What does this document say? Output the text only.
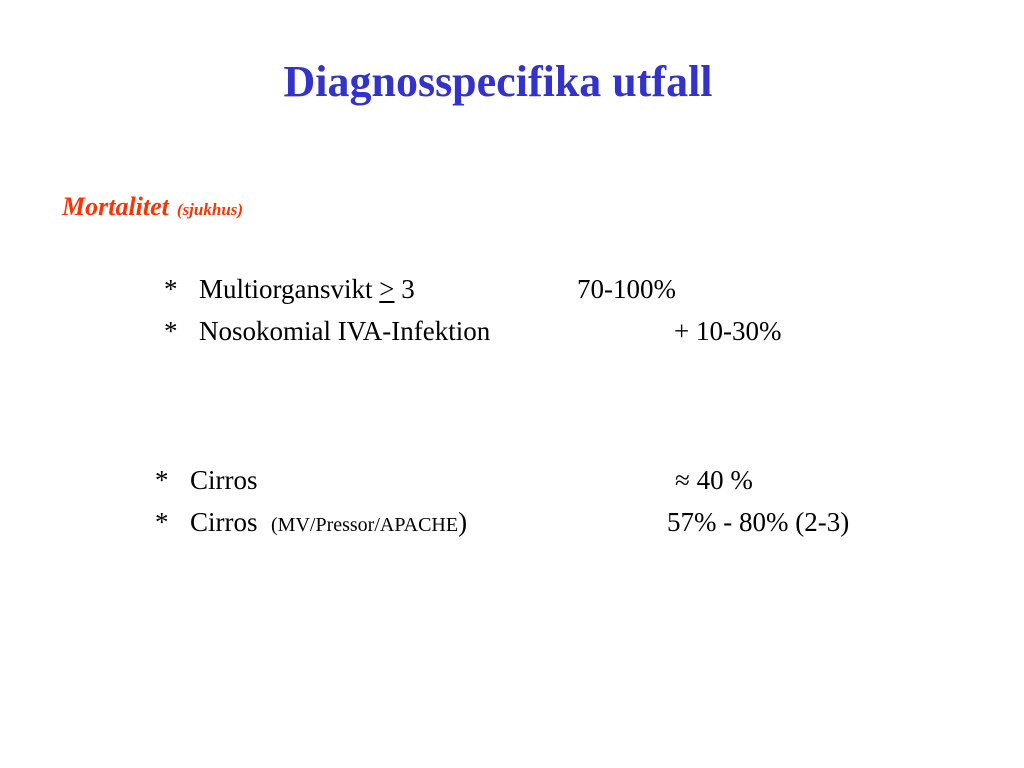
Diagnosspecifika utfall
Mortalitet (sjukhus)
* Multiorgansvikt > 3	70-100%
* Nosokomial IVA-Infektion	+ 10-30%
* Cirros	≈ 40 %
* Cirros (MV/Pressor/APACHE)	57% - 80% (2-3)
